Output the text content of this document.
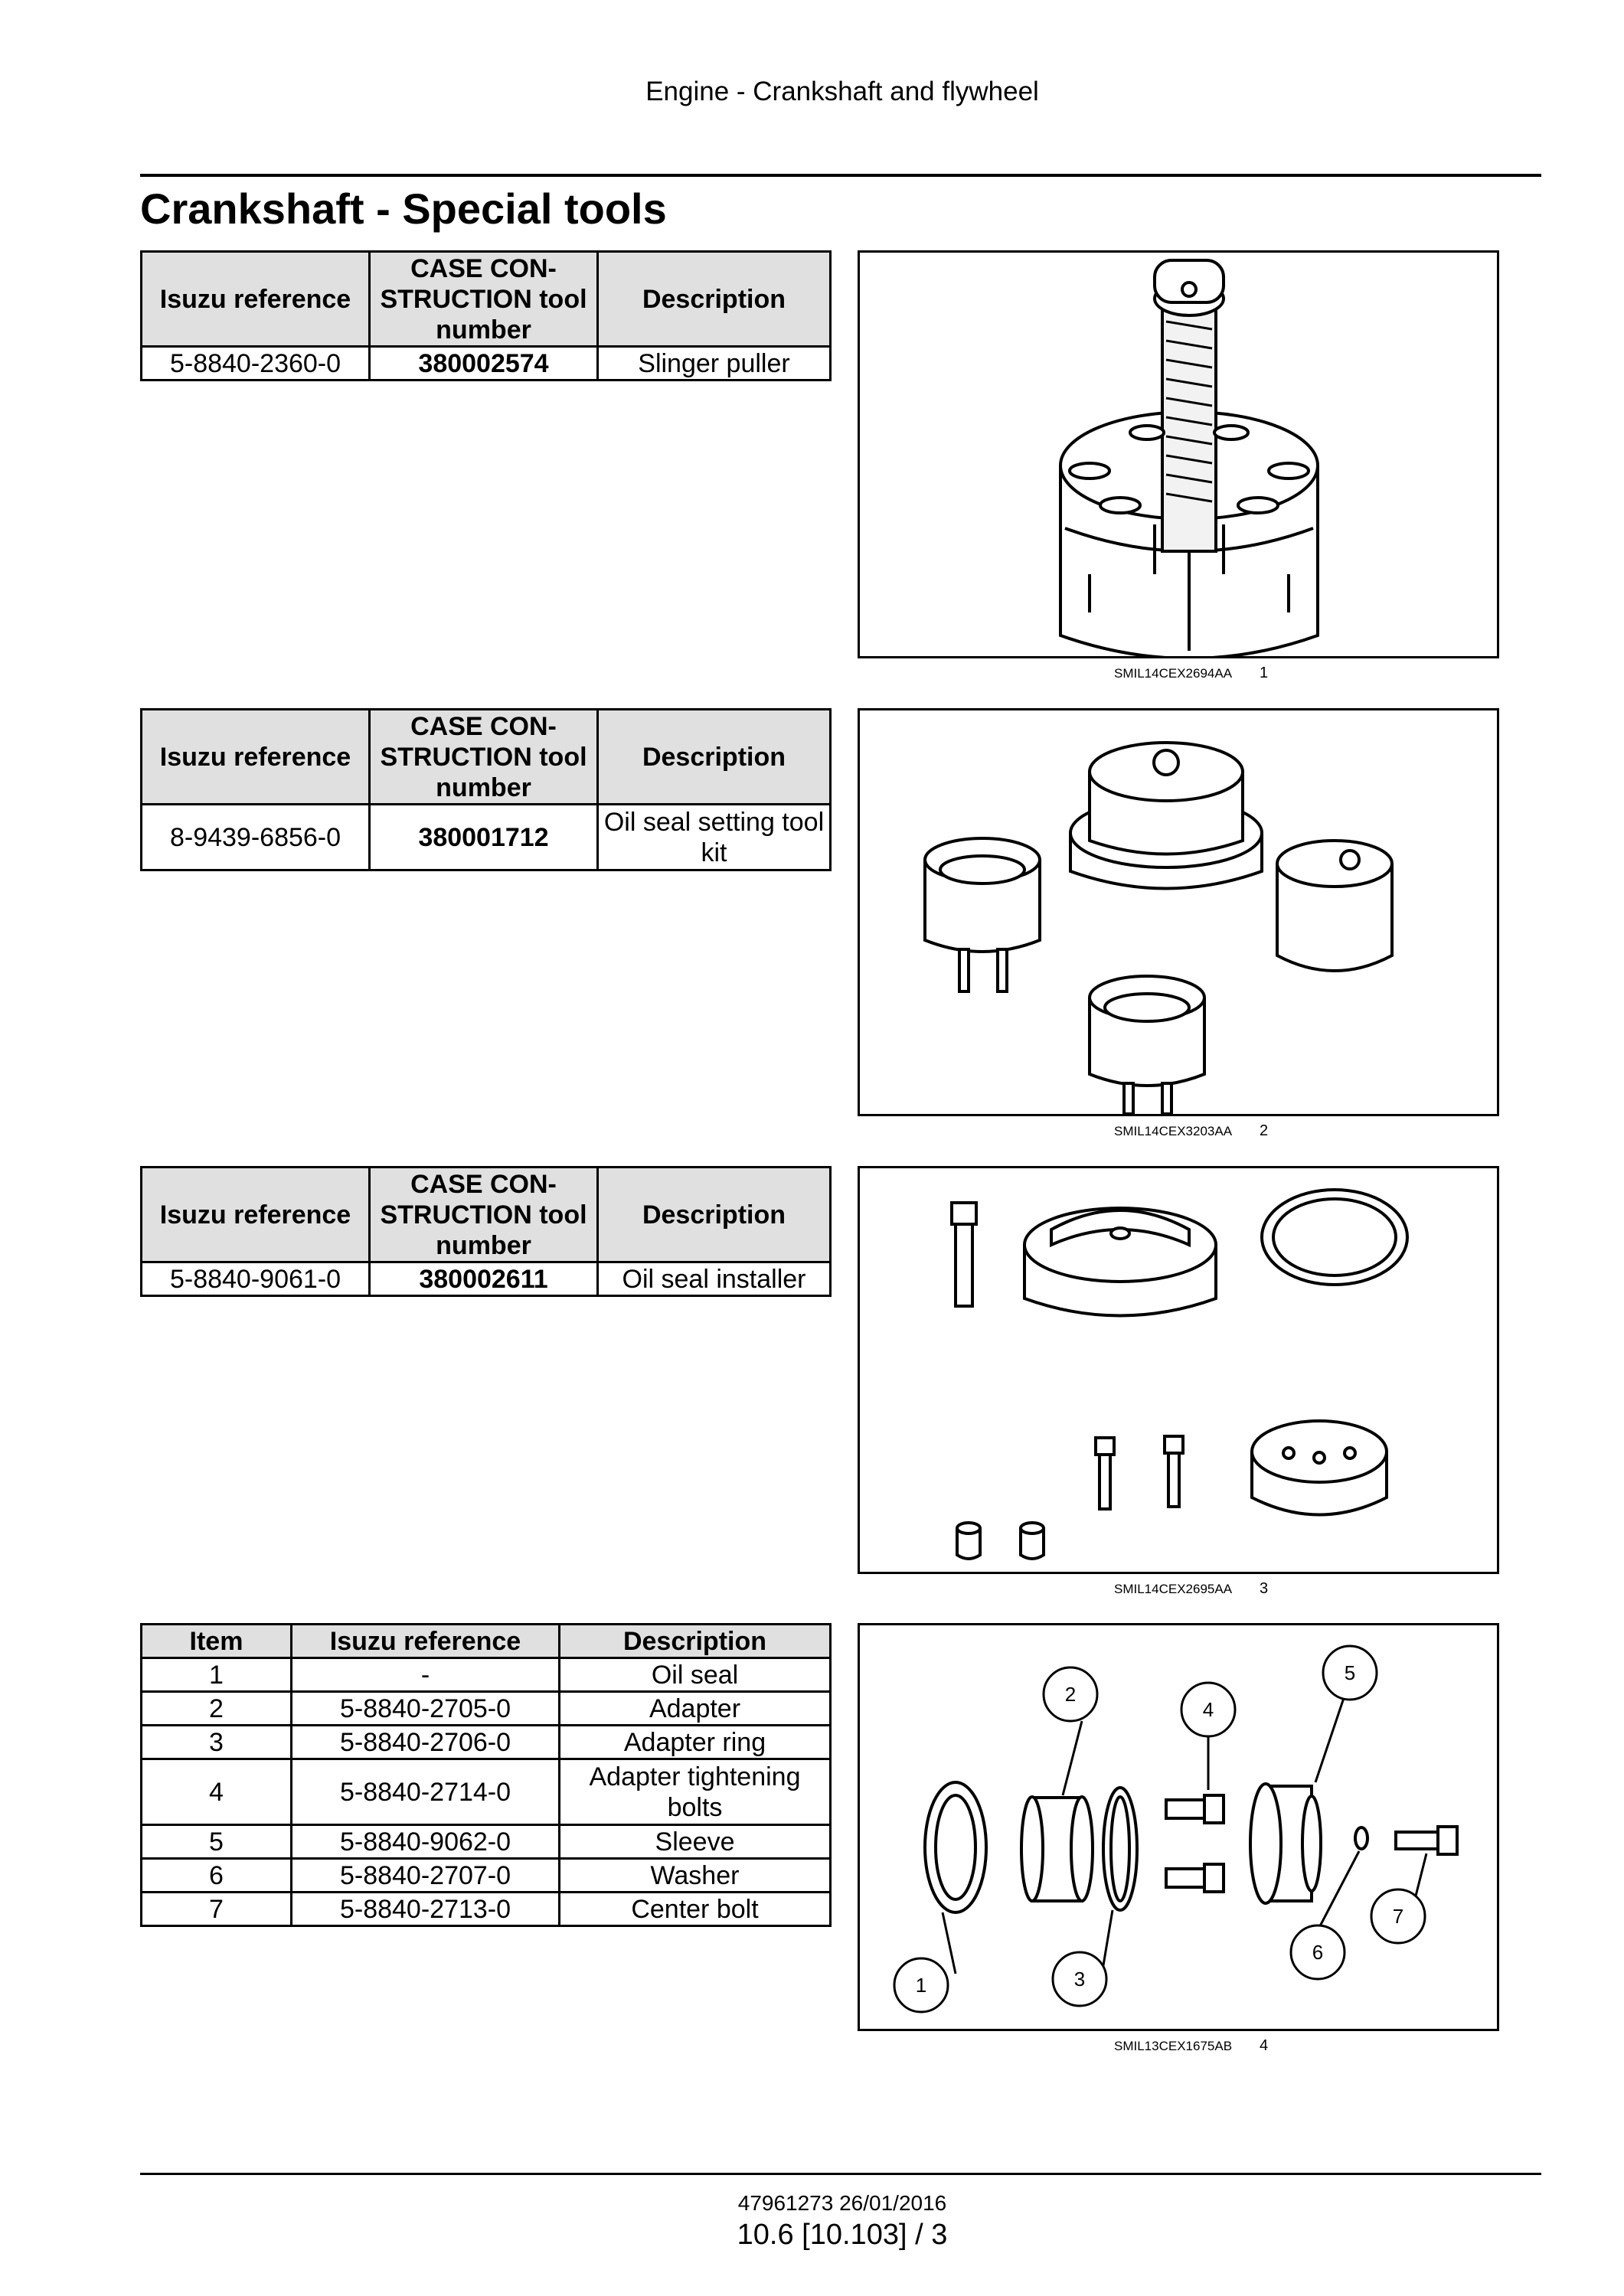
Engine - Crankshaft and flywheel
Crankshaft - Special tools
Isuzu reference	CASE CON-STRUCTION tool number	Description
5-8840-2360-0	380002574	Slinger puller
SMIL14CEX2694AA 1
Isuzu reference	CASE CON-STRUCTION tool number	Description
8-9439-6856-0	380001712	Oil seal setting tool kit
SMIL14CEX3203AA 2
Isuzu reference	CASE CON-STRUCTION tool number	Description
5-8840-9061-0	380002611	Oil seal installer
SMIL14CEX2695AA 3
Item	Isuzu reference	Description
1	-	Oil seal
2	5-8840-2705-0	Adapter
3	5-8840-2706-0	Adapter ring
4	5-8840-2714-0	Adapter tightening bolts
5	5-8840-9062-0	Sleeve
6	5-8840-2707-0	Washer
7	5-8840-2713-0	Center bolt
1
2
3
4
5
6
7
SMIL13CEX1675AB 4
47961273 26/01/2016
10.6 [10.103] / 3
